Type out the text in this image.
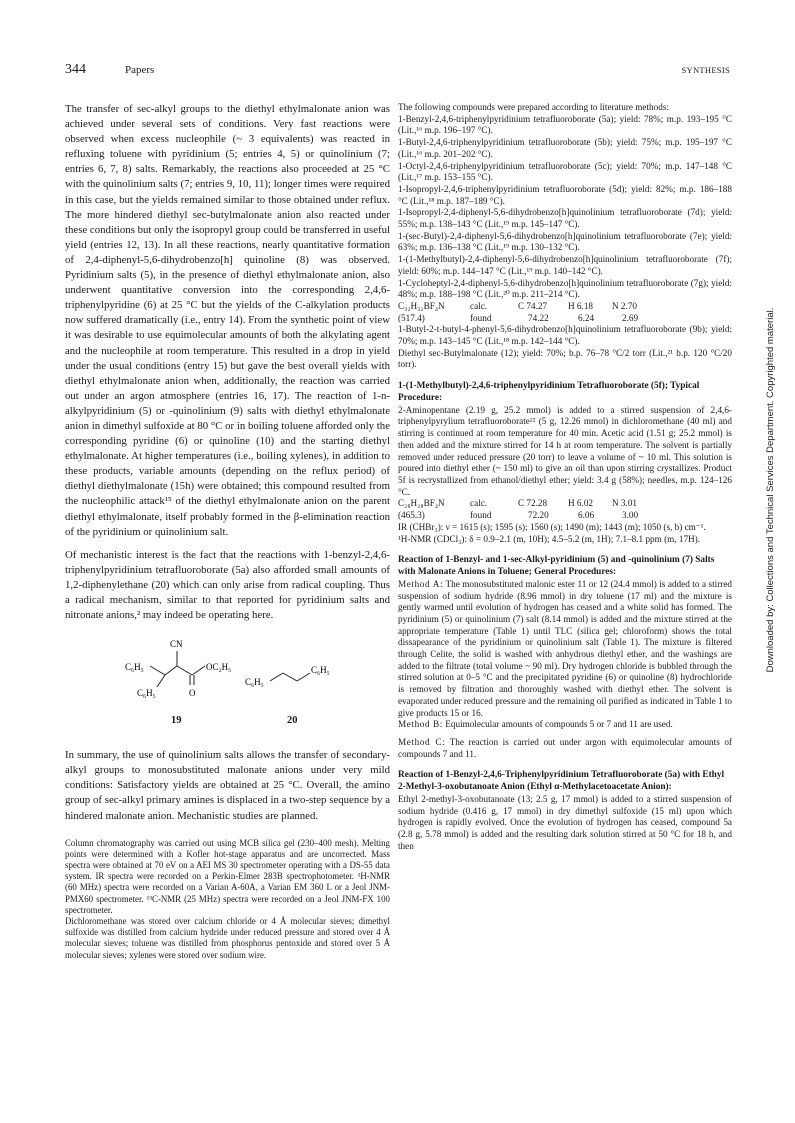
344	Papers	SYNTHESIS
Downloaded by: Collections and Technical Services Department. Copyrighted material.

The transfer of sec-alkyl groups to the diethyl ethylmalonate anion was achieved under several sets of conditions. Very fast reactions were observed when excess nucleophile (~ 3 equivalents) was reacted in refluxing toluene with pyridinium (5; entries 4, 5) or quinolinium (7; entries 6, 7, 8) salts. Remarkably, the reactions also proceeded at 25 °C with the quinolinium salts (7; entries 9, 10, 11); longer times were required in this case, but the yields remained similar to those obtained under reflux. The more hindered diethyl sec-butylmalonate anion also reacted under these conditions but only the isopropyl group could be transferred in useful yield (entries 12, 13). In all these reactions, nearly quantitative formation of 2,4-diphenyl-5,6-dihydrobenzo[h] quinoline (8) was observed. Pyridinium salts (5), in the presence of diethyl ethylmalonate anion, also underwent quantitative conversion into the corresponding 2,4,6-triphenylpyridine (6) at 25 °C but the yields of the C-alkylation products now suffered dramatically (i.e., entry 14). From the synthetic point of view it was desirable to use equimolecular amounts of both the alkylating agent and the nucleophile at room temperature. This resulted in a drop in yield under the usual conditions (entry 15) but gave the best overall yields with diethyl ethylmalonate anion when, additionally, the reaction was carried out under an argon atmosphere (entries 16, 17). The reaction of 1-n-alkylpyridinium (5) or -quinolinium (9) salts with diethyl ethylmalonate anion in dimethyl sulfoxide at 80 °C or in boiling toluene afforded only the corresponding pyridine (6) or quinoline (10) and the starting diethyl ethylmalonate. At higher temperatures (i.e., boiling xylenes), in addition to these products, variable amounts (depending on the reflux period) of diethyl diethylmalonate (15h) were obtained; this compound resulted from the nucleophilic attack¹⁵ of the diethyl ethylmalonate anion on the parent diethyl ethylmalonate, itself probably formed in the β-elimination reaction of the pyridinium or quinolinium salt.

Of mechanistic interest is the fact that the reactions with 1-benzyl-2,4,6-triphenylpyridinium tetrafluoroborate (5a) also afforded small amounts of 1,2-diphenylethane (20) which can only arise from radical coupling. Thus a radical mechanism, similar to that reported for pyridinium salts and nitronate anions,² may indeed be operating here.

CN
C₆H₅	OC₂H₅
C₆H₅	O
C₆H₅
C₆H₅
19	20

In summary, the use of quinolinium salts allows the transfer of secondary-alkyl groups to monosubstituted malonate anions under very mild conditions: Satisfactory yields are obtained at 25 °C. Overall, the amino group of sec-alkyl primary amines is displaced in a two-step sequence by a hindered malonate anion. Mechanistic studies are planned.

Column chromatography was carried out using MCB silica gel (230–400 mesh). Melting points were determined with a Kofler hot-stage apparatus and are uncorrected. Mass spectra were obtained at 70 eV on a AEI MS 30 spectrometer operating with a DS-55 data system. IR spectra were recorded on a Perkin-Elmer 283B spectrophotometer. ¹H-NMR (60 MHz) spectra were recorded on a Varian A-60A, a Varian EM 360 L or a Jeol JNM-PMX60 spectrometer. ¹³C-NMR (25 MHz) spectra were recorded on a Jeol JNM-FX 100 spectrometer.

Dichloromethane was stored over calcium chloride or 4 Å molecular sieves; dimethyl sulfoxide was distilled from calcium hydride under reduced pressure and stored over 4 Å molecular sieves; toluene was distilled from phosphorus pentoxide and stored over 5 Å molecular sieves; xylenes were stored over sodium wire.

The following compounds were prepared according to literature methods:

1-Benzyl-2,4,6-triphenylpyridinium tetrafluoroborate (5a); yield: 78%; m.p. 193–195 °C (Lit.,¹⁶ m.p. 196–197 °C).

1-Butyl-2,4,6-triphenylpyridinium tetrafluoroborate (5b); yield: 75%; m.p. 195–197 °C (Lit.,¹⁶ m.p. 201–202 °C).

1-Octyl-2,4,6-triphenylpyridinium tetrafluoroborate (5c); yield: 70%; m.p. 147–148 °C (Lit.,¹⁷ m.p. 153–155 °C).

1-Isopropyl-2,4,6-triphenylpyridinium tetrafluoroborate (5d); yield: 82%; m.p. 186–188 °C (Lit.,¹⁸ m.p. 187–189 °C).

1-Isopropyl-2,4-diphenyl-5,6-dihydrobenzo[h]quinolinium tetrafluoroborate (7d); yield: 55%; m.p. 138–143 °C (Lit.,¹⁹ m.p. 145–147 °C).

1-(sec-Butyl)-2,4-diphenyl-5,6-dihydrobenzo[h]quinolinium tetrafluoroborate (7e); yield: 63%; m.p. 136–138 °C (Lit.,¹⁹ m.p. 130–132 °C).

1-(1-Methylbutyl)-2,4-diphenyl-5,6-dihydrobenzo[h]quinolinium tetrafluoroborate (7f); yield: 60%; m.p. 144–147 °C (Lit.,¹⁹ m.p. 140–142 °C).

1-Cycloheptyl-2,4-diphenyl-5,6-dihydrobenzo[h]quinolinium tetrafluoroborate (7g); yield: 48%; m.p. 188–198 °C (Lit.,²⁰ m.p. 211–214 °C).

C₃₂H₃₂BF₄N	calc.	C 74.27 H 6.18 N 2.70
(517.4)	found	74.22	6.24	2.69

1-Butyl-2-t-butyl-4-phenyl-5,6-dihydrobenzo[h]quinolinium tetrafluoroborate (9b); yield: 70%; m.p. 143–145 °C (Lit.,¹⁸ m.p. 142–144 °C).

Diethyl sec-Butylmalonate (12); yield: 70%; b.p. 76–78 °C/2 torr (Lit.,²¹ b.p. 120 °C/20 torr).

1-(1-Methylbutyl)-2,4,6-triphenylpyridinium Tetrafluoroborate (5f); Typical Procedure:

2-Aminopentane (2.19 g, 25.2 mmol) is added to a stirred suspension of 2,4,6-triphenylpyrylium tetrafluoroborate²² (5 g, 12.26 mmol) in dichloromethane (40 ml) and stirring is continued at room temperature for 40 min. Acetic acid (1.51 g; 25.2 mmol) is then added and the mixture stirred for 14 h at room temperature. The solvent is partially removed under reduced pressure (20 torr) to leave a volume of ~ 10 ml. This solution is poured into diethyl ether (~ 150 ml) to give an oil than upon stirring crystallizes. Product 5f is recrystallized from ethanol/diethyl ether; yield: 3.4 g (58%); needles, m.p. 124–126 °C.

C₂₈H₂₈BF₄N	calc.	C 72.28 H 6.02 N 3.01
(465.3)	found	72.20	6.06	3.00

IR (CHBr₃): ν = 1615 (s); 1595 (s); 1560 (s); 1490 (m); 1443 (m); 1050 (s, b) cm⁻¹.

¹H-NMR (CDCl₃): δ = 0.9–2.1 (m, 10H); 4.5–5.2 (m, 1H); 7.1–8.1 ppm (m, 17H).

Reaction of 1-Benzyl- and 1-sec-Alkyl-pyridinium (5) and -quinolinium (7) Salts with Malonate Anions in Toluene; General Procedures:

Method A: The monosubstituted malonic ester 11 or 12 (24.4 mmol) is added to a stirred suspension of sodium hydride (8.96 mmol) in dry toluene (17 ml) and the mixture is gently warmed until evolution of hydrogen has ceased and a white solid has formed. The pyridinium (5) or quinolinium (7) salt (8.14 mmol) is added and the mixture stirred at the appropriate temperature (Table 1) until TLC (silica gel; chloroform) shows the total dissapearance of the pyridinium or quinolinium salt (Table 1). The mixture is filtered through Celite, the solid is washed with anhydrous diethyl ether, and the washings are added to the filtrate (total volume ~ 90 ml). Dry hydrogen chloride is bubbled through the stirred solution at 0–5 °C and the precipitated pyridine (6) or quinoline (8) hydrochloride is removed by filtration and thoroughly washed with diethyl ether. The solvent is evaporated under reduced pressure and the remaining oil purified as indicated in Table 1 to give products 15 or 16.

Method B: Equimolecular amounts of compounds 5 or 7 and 11 are used.

Method C: The reaction is carried out under argon with equimolecular amounts of compounds 7 and 11.

Reaction of 1-Benzyl-2,4,6-Triphenylpyridinium Tetrafluoroborate (5a) with Ethyl 2-Methyl-3-oxobutanoate Anion (Ethyl α-Methylacetoacetate Anion):

Ethyl 2-methyl-3-oxobutanoate (13; 2.5 g, 17 mmol) is added to a stirred suspension of sodium hydride (0.416 g, 17 mmol) in dry dimethyl sulfoxide (15 ml) upon which hydrogen is rapidly evolved. Once the evolution of hydrogen has ceased, compound 5a (2.8 g, 5.78 mmol) is added and the resulting dark solution stirred at 50 °C for 18 h, and then
